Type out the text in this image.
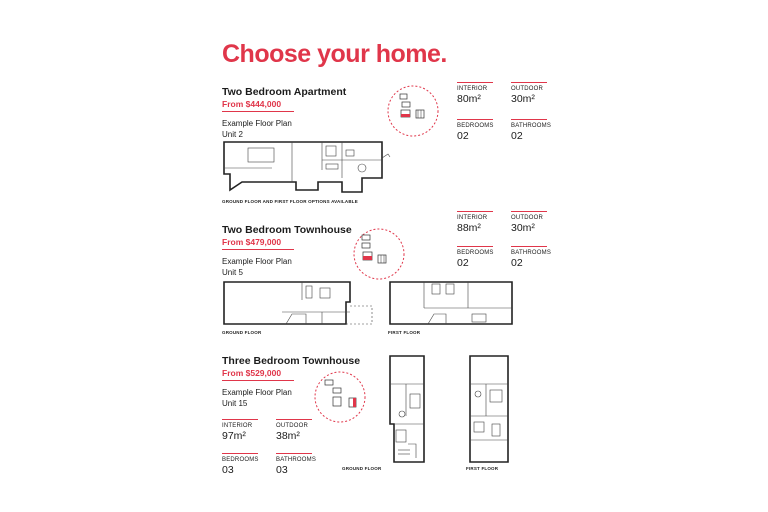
Choose your home.
Two Bedroom Apartment
From $444,000
Example Floor Plan
Unit 2
INTERIOR
80m²
OUTDOOR
30m²
BEDROOMS
02
BATHROOMS
02
GROUND FLOOR AND FIRST FLOOR OPTIONS AVAILABLE
Two Bedroom Townhouse
From $479,000
Example Floor Plan
Unit 5
INTERIOR
88m²
OUTDOOR
30m²
BEDROOMS
02
BATHROOMS
02
GROUND FLOOR	FIRST FLOOR
Three Bedroom Townhouse
From $529,000
Example Floor Plan
Unit 15
INTERIOR
97m²
OUTDOOR
38m²
BEDROOMS
03
BATHROOMS
03	GROUND FLOOR	FIRST FLOOR
